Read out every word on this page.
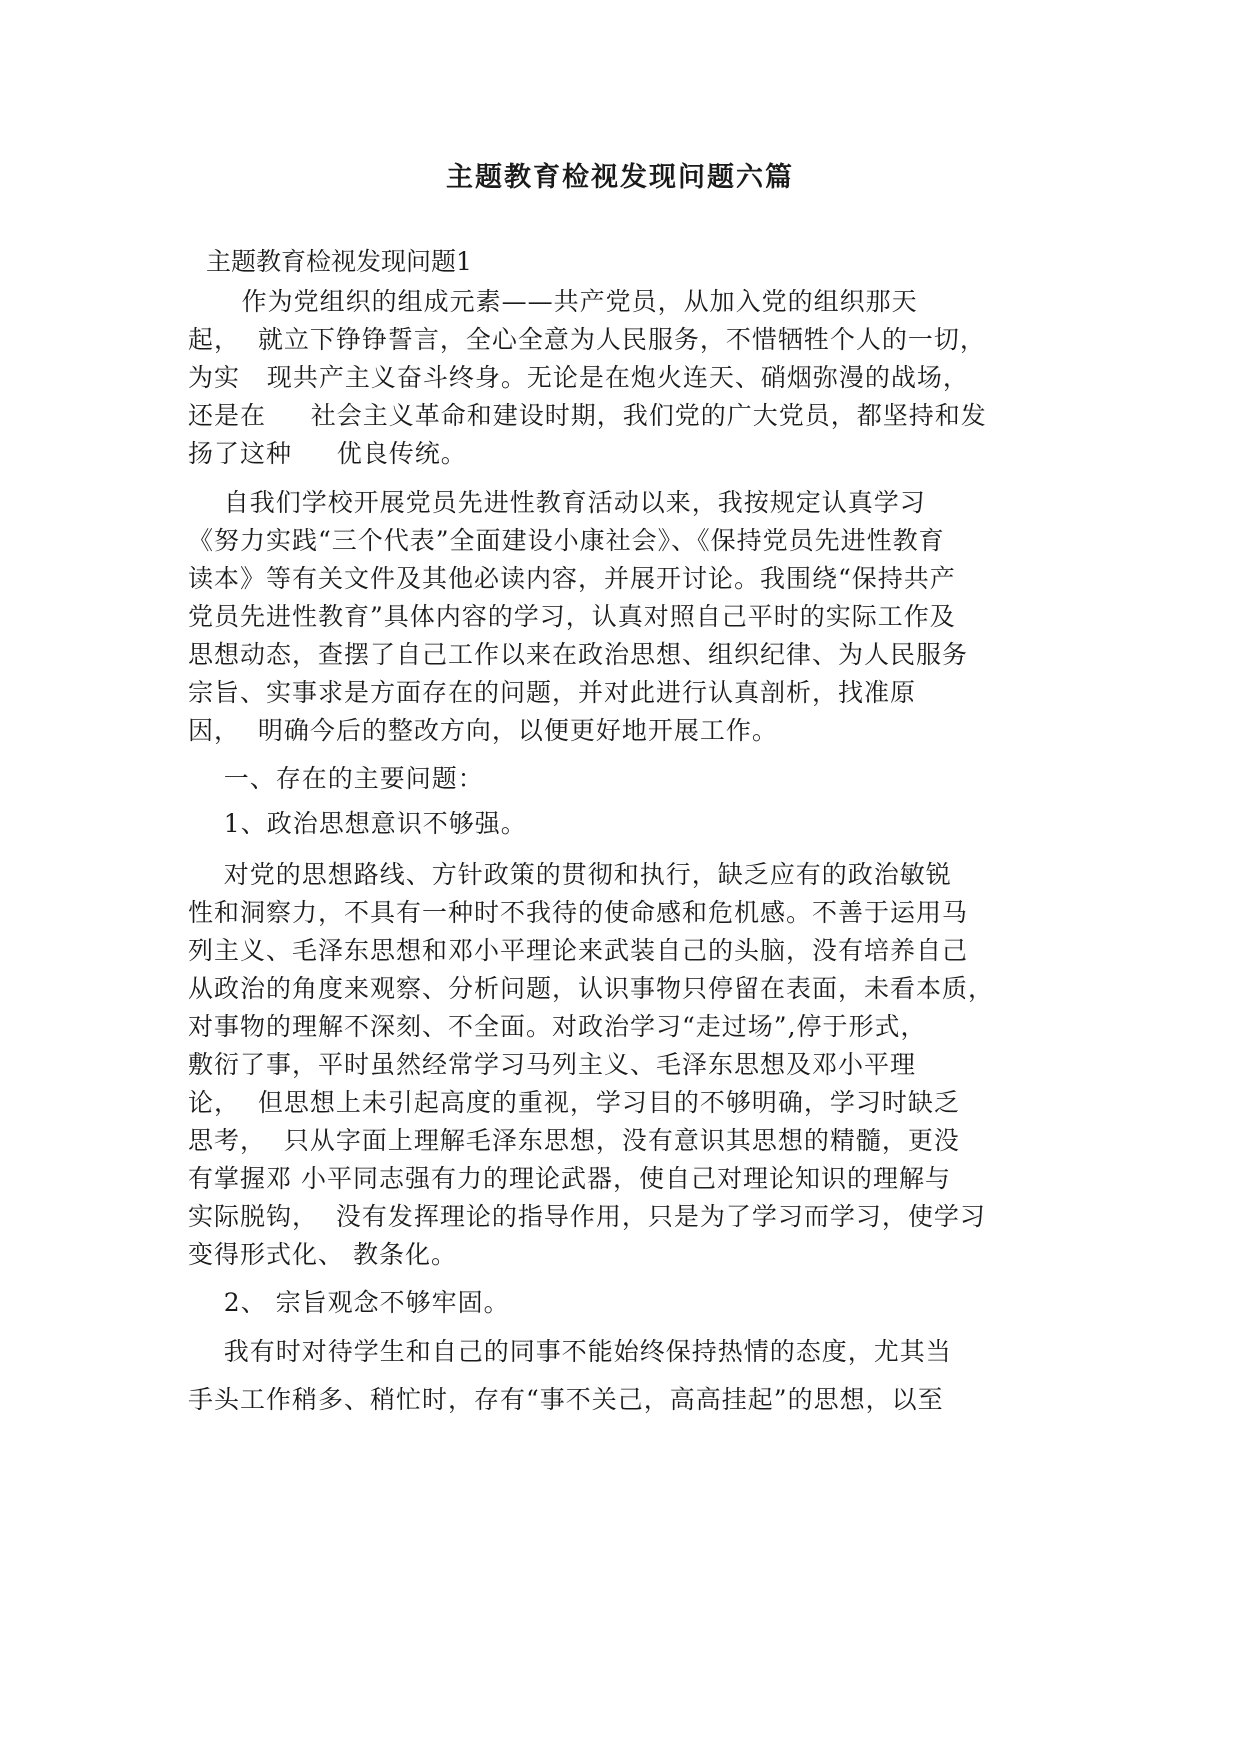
主题教育检视发现问题六篇

主题教育检视发现问题1

作为党组织的组成元素——共产党员，从加入党的组织那天

起，  就立下铮铮誓言，全心全意为人民服务，不惜牺牲个人的一切，

为实   现共产主义奋斗终身。无论是在炮火连天、硝烟弥漫的战场，

还是在     社会主义革命和建设时期，我们党的广大党员，都坚持和发

扬了这种     优良传统。

自我们学校开展党员先进性教育活动以来，我按规定认真学习

《努力实践“三个代表”全面建设小康社会》、《保持党员先进性教育

读本》等有关文件及其他必读内容，并展开讨论。我围绕“保持共产

党员先进性教育”具体内容的学习，认真对照自己平时的实际工作及

思想动态，查摆了自己工作以来在政治思想、组织纪律、为人民服务

宗旨、实事求是方面存在的问题，并对此进行认真剖析，找准原

因，  明确今后的整改方向，以便更好地开展工作。

一、存在的主要问题：

1、政治思想意识不够强。

对党的思想路线、方针政策的贯彻和执行，缺乏应有的政治敏锐

性和洞察力，不具有一种时不我待的使命感和危机感。不善于运用马

列主义、毛泽东思想和邓小平理论来武装自己的头脑，没有培养自己

从政治的角度来观察、分析问题，认识事物只停留在表面，未看本质，

对事物的理解不深刻、不全面。对政治学习“走过场”,停于形式，

敷衍了事，平时虽然经常学习马列主义、毛泽东思想及邓小平理

论，  但思想上未引起高度的重视，学习目的不够明确，学习时缺乏

思考，  只从字面上理解毛泽东思想，没有意识其思想的精髓，更没

有掌握邓 小平同志强有力的理论武器，使自己对理论知识的理解与

实际脱钩，  没有发挥理论的指导作用，只是为了学习而学习，使学习

变得形式化、 教条化。

2、 宗旨观念不够牢固。

我有时对待学生和自己的同事不能始终保持热情的态度，尤其当

手头工作稍多、稍忙时，存有“事不关己，高高挂起”的思想，以至
